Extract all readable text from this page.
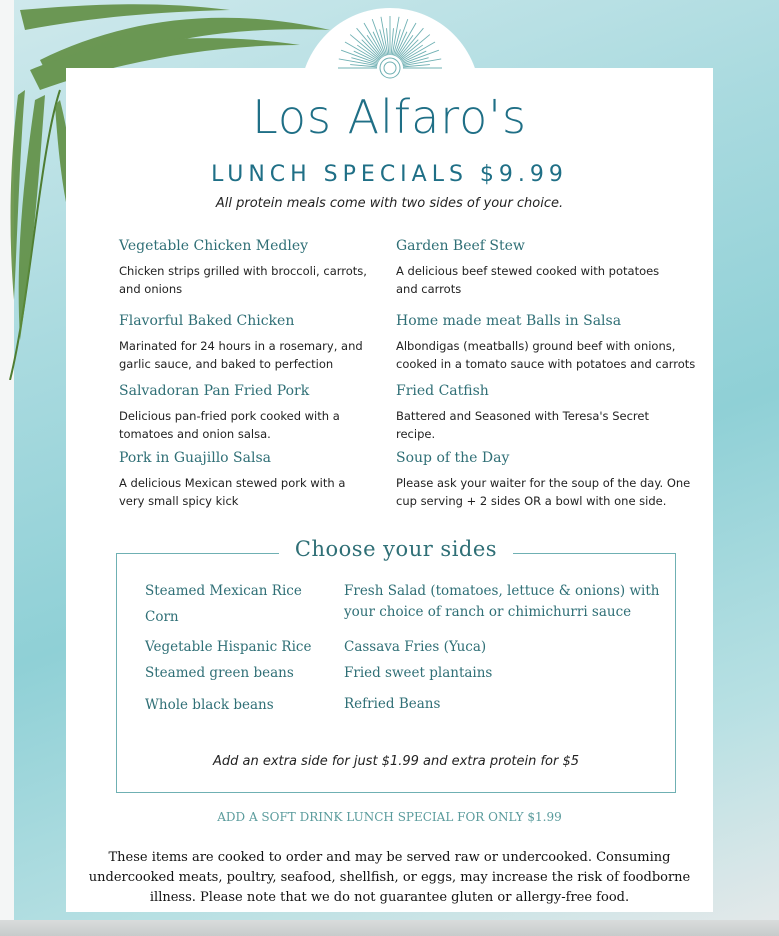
Los Alfaro's
LUNCH SPECIALS $9.99
All protein meals come with two sides of your choice.
Vegetable Chicken Medley
Chicken strips grilled with broccoli, carrots,
and onions
Flavorful Baked Chicken
Marinated for 24 hours in a rosemary, and
garlic sauce, and baked to perfection
Salvadoran Pan Fried Pork
Delicious pan-fried pork cooked with a
tomatoes and onion salsa.
Pork in Guajillo Salsa
A delicious Mexican stewed pork with a
very small spicy kick
Garden Beef Stew
A delicious beef stewed cooked with potatoes
and carrots
Home made meat Balls in Salsa
Albondigas (meatballs) ground beef with onions,
cooked in a tomato sauce with potatoes and carrots
Fried Catfish
Battered and Seasoned with Teresa's Secret
recipe.
Soup of the Day
Please ask your waiter for the soup of the day. One
cup serving + 2 sides OR a bowl with one side.
Choose your sides
Steamed Mexican Rice
Corn
Vegetable Hispanic Rice
Steamed green beans
Whole black beans
Fresh Salad (tomatoes, lettuce & onions) with
your choice of ranch or chimichurri sauce
Cassava Fries (Yuca)
Fried sweet plantains
Refried Beans
Add an extra side for just $1.99 and extra protein for $5
ADD A SOFT DRINK LUNCH SPECIAL FOR ONLY $1.99
These items are cooked to order and may be served raw or undercooked. Consuming
undercooked meats, poultry, seafood, shellfish, or eggs, may increase the risk of foodborne
illness. Please note that we do not guarantee gluten or allergy-free food.
